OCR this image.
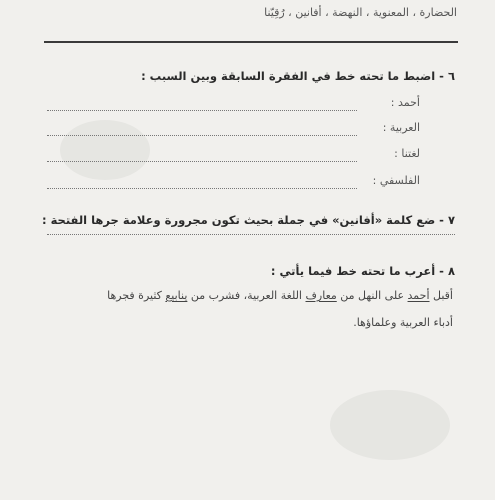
الحضارة ، المعنوية ، النهضة ، أفانين ، رُقِيّنا
٦ - اضبط ما تحته خط في الفقرة السابقة وبين السبب :
أحمد :
العربية :
لغتنا :
الفلسفي :
٧ - ضع كلمة «أفانين» في جملة بحيث تكون مجرورة وعلامة جرها الفتحة :
٨ - أعرب ما تحته خط فيما يأتي :
أقبل أحمد على النهل من معارف اللغة العربية، فشرب من ينابيع كثيرة فجرها
أدباء العربية وعلماؤها.
